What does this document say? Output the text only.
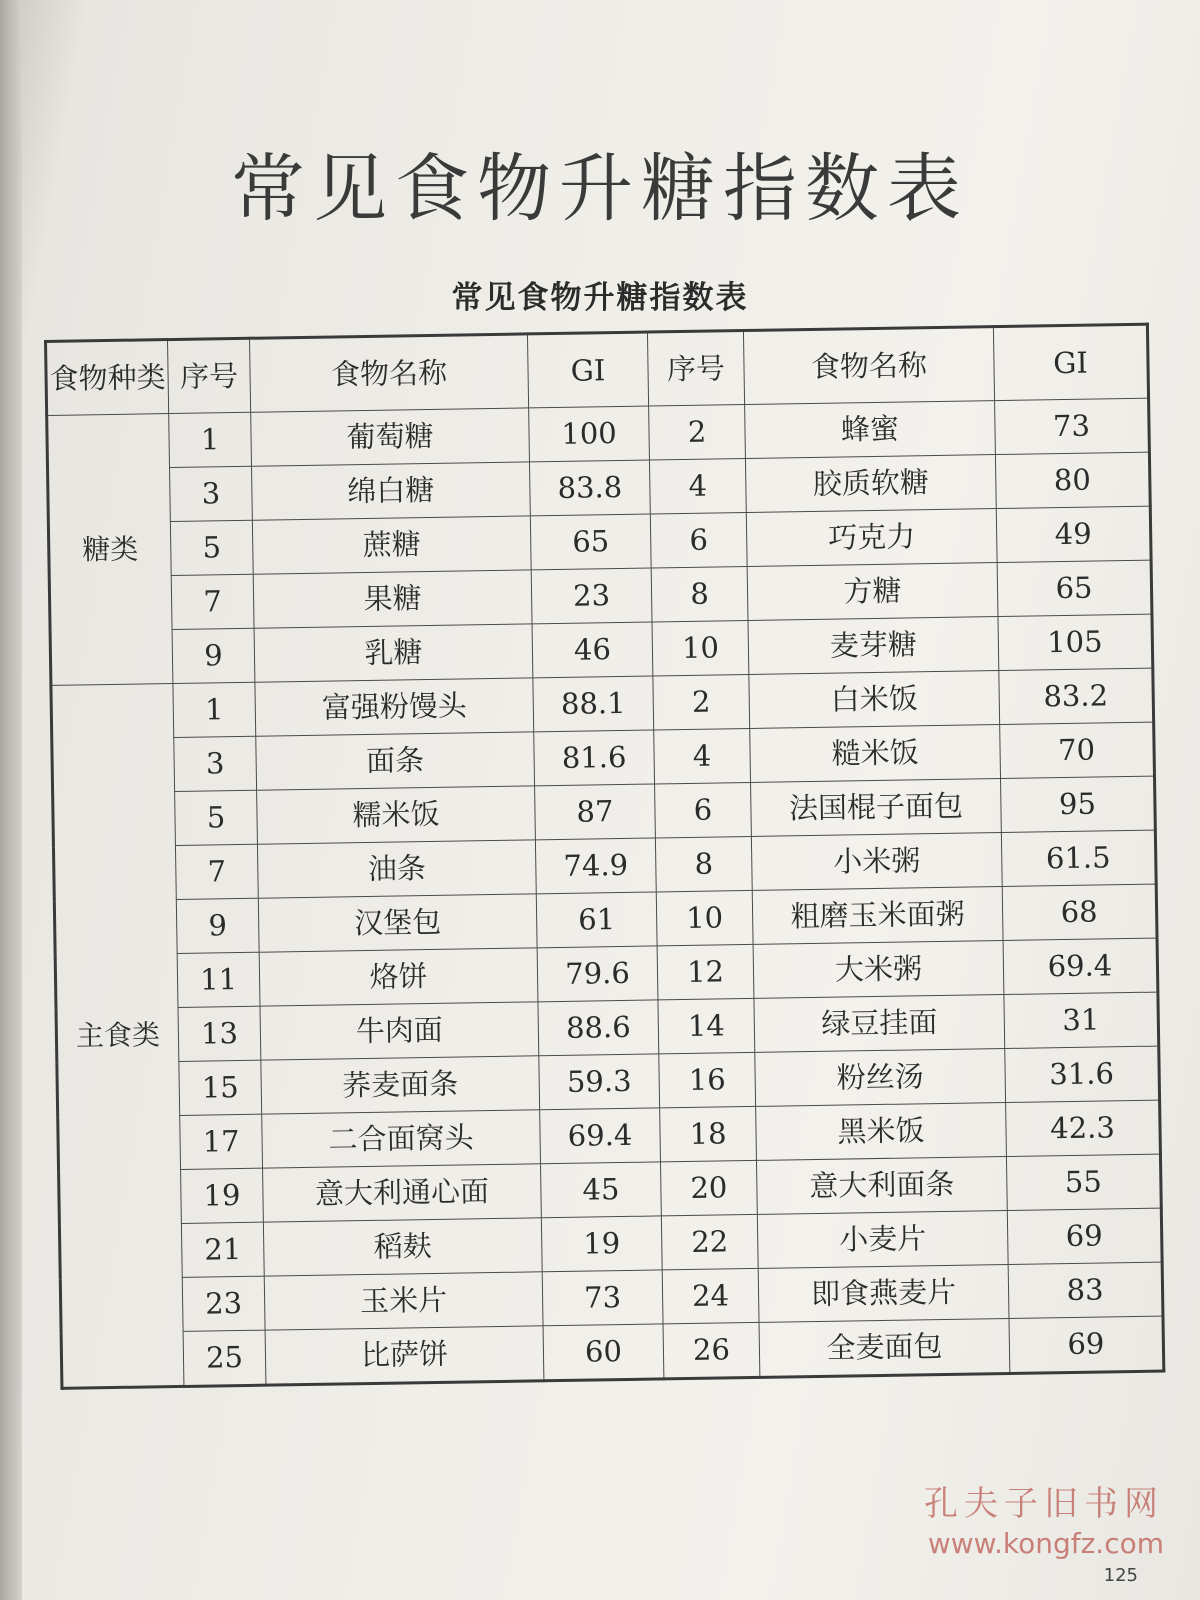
常见食物升糖指数表
常见食物升糖指数表
食物种类	序号	食物名称	GI	序号	食物名称	GI
糖类	1	葡萄糖	100	2	蜂蜜	73
	3	绵白糖	83.8	4	胶质软糖	80
	5	蔗糖	65	6	巧克力	49
	7	果糖	23	8	方糖	65
	9	乳糖	46	10	麦芽糖	105
主食类	1	富强粉馒头	88.1	2	白米饭	83.2
	3	面条	81.6	4	糙米饭	70
	5	糯米饭	87	6	法国棍子面包	95
	7	油条	74.9	8	小米粥	61.5
	9	汉堡包	61	10	粗磨玉米面粥	68
	11	烙饼	79.6	12	大米粥	69.4
	13	牛肉面	88.6	14	绿豆挂面	31
	15	荞麦面条	59.3	16	粉丝汤	31.6
	17	二合面窝头	69.4	18	黑米饭	42.3
	19	意大利通心面	45	20	意大利面条	55
	21	稻麸	19	22	小麦片	69
	23	玉米片	73	24	即食燕麦片	83
	25	比萨饼	60	26	全麦面包	69
孔夫子旧书网
www.kongfz.com
125
